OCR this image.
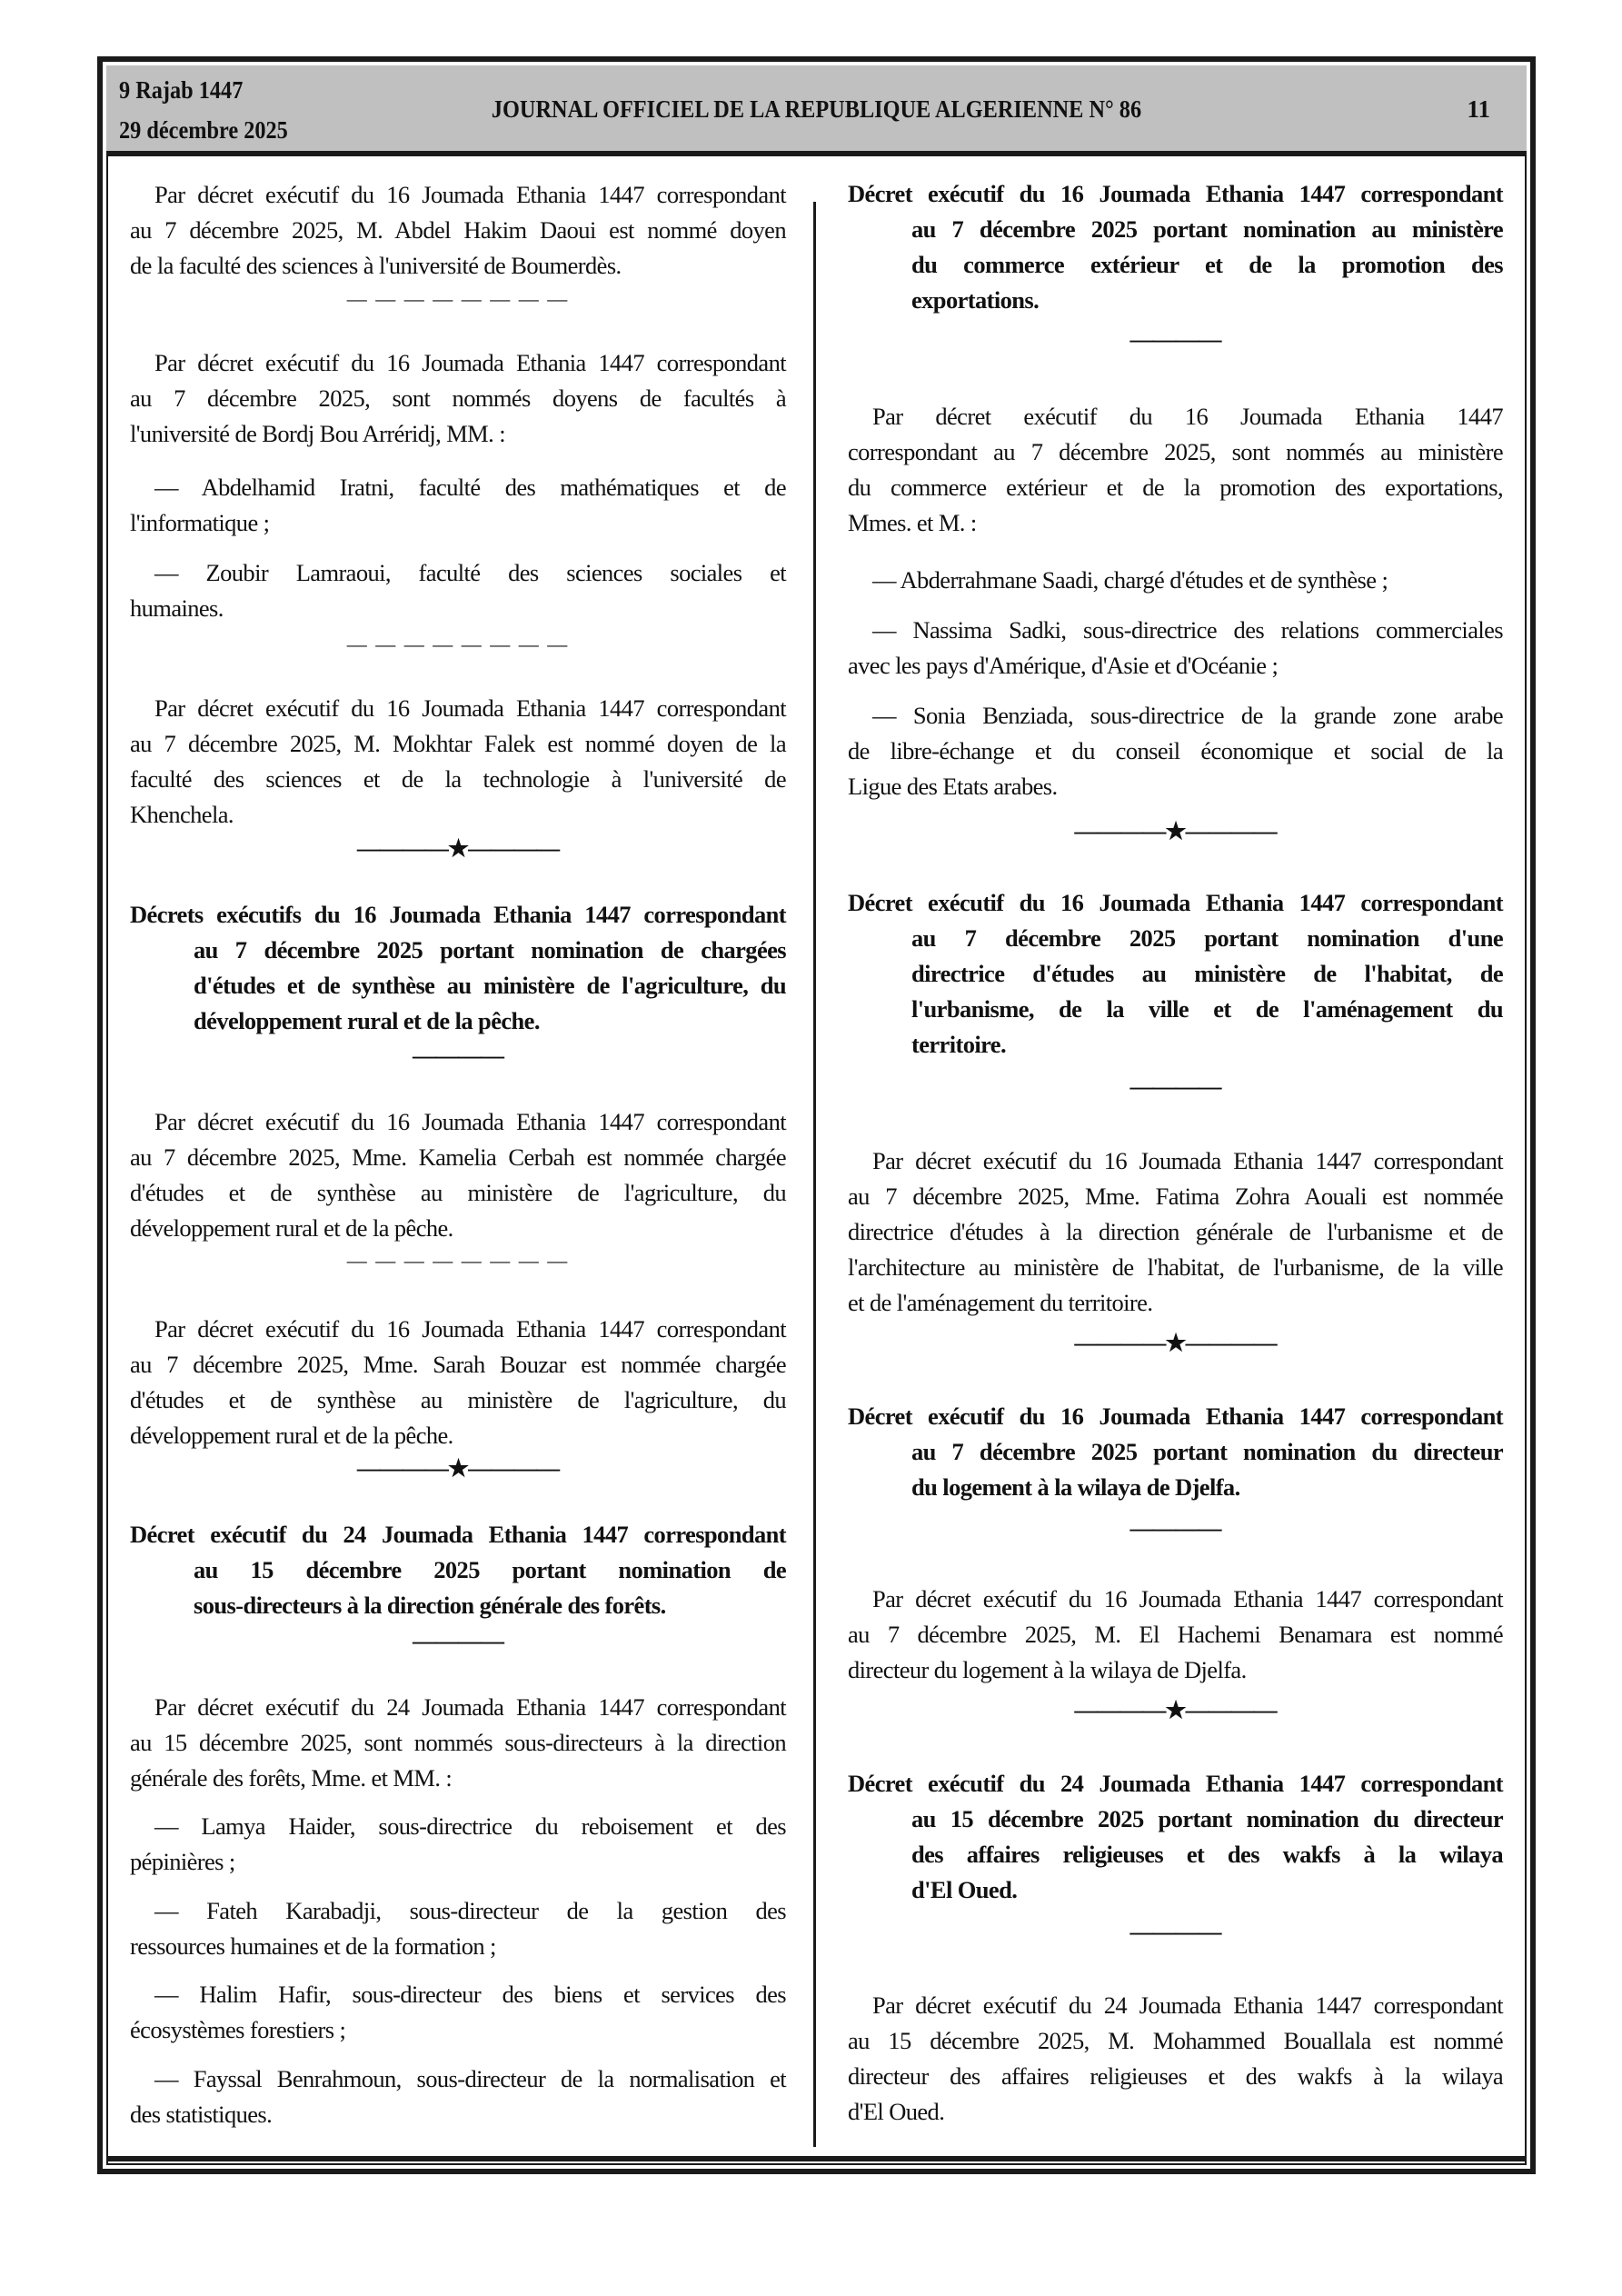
9 Rajab 1447
29 décembre 2025
JOURNAL OFFICIEL DE LA REPUBLIQUE ALGERIENNE N° 86	11
Par décret exécutif du 16 Joumada Ethania 1447 correspondant
au 7 décembre 2025, M. Abdel Hakim Daoui est nommé doyen
de la faculté des sciences à l'université de Boumerdès.
— — — — — — — —
Par décret exécutif du 16 Joumada Ethania 1447 correspondant
au 7 décembre 2025, sont nommés doyens de facultés à
l'université de Bordj Bou Arréridj, MM. :
— Abdelhamid Iratni, faculté des mathématiques et de
l'informatique ;
— Zoubir Lamraoui, faculté des sciences sociales et
humaines.
— — — — — — — —
Par décret exécutif du 16 Joumada Ethania 1447 correspondant
au 7 décembre 2025, M. Mokhtar Falek est nommé doyen de la
faculté des sciences et de la technologie à l'université de
Khenchela.
————★————
Décrets exécutifs du 16 Joumada Ethania 1447 correspondant
au 7 décembre 2025 portant nomination de chargées
d'études et de synthèse au ministère de l'agriculture, du
développement rural et de la pêche.
————
Par décret exécutif du 16 Joumada Ethania 1447 correspondant
au 7 décembre 2025, Mme. Kamelia Cerbah est nommée chargée
d'études et de synthèse au ministère de l'agriculture, du
développement rural et de la pêche.
— — — — — — — —
Par décret exécutif du 16 Joumada Ethania 1447 correspondant
au 7 décembre 2025, Mme. Sarah Bouzar est nommée chargée
d'études et de synthèse au ministère de l'agriculture, du
développement rural et de la pêche.
————★————
Décret exécutif du 24 Joumada Ethania 1447 correspondant
au 15 décembre 2025 portant nomination de
sous-directeurs à la direction générale des forêts.
————
Par décret exécutif du 24 Joumada Ethania 1447 correspondant
au 15 décembre 2025, sont nommés sous-directeurs à la direction
générale des forêts, Mme. et MM. :
— Lamya Haider, sous-directrice du reboisement et des
pépinières ;
— Fateh Karabadji, sous-directeur de la gestion des
ressources humaines et de la formation ;
— Halim Hafir, sous-directeur des biens et services des
écosystèmes forestiers ;
— Fayssal Benrahmoun, sous-directeur de la normalisation et
des statistiques.
Décret exécutif du 16 Joumada Ethania 1447 correspondant
au 7 décembre 2025 portant nomination au ministère
du commerce extérieur et de la promotion des
exportations.
————
Par décret exécutif du 16 Joumada Ethania 1447
correspondant au 7 décembre 2025, sont nommés au ministère
du commerce extérieur et de la promotion des exportations,
Mmes. et M. :
— Abderrahmane Saadi, chargé d'études et de synthèse ;
— Nassima Sadki, sous-directrice des relations commerciales
avec les pays d'Amérique, d'Asie et d'Océanie ;
— Sonia Benziada, sous-directrice de la grande zone arabe
de libre-échange et du conseil économique et social de la
Ligue des Etats arabes.
————★————
Décret exécutif du 16 Joumada Ethania 1447 correspondant
au 7 décembre 2025 portant nomination d'une
directrice d'études au ministère de l'habitat, de
l'urbanisme, de la ville et de l'aménagement du
territoire.
————
Par décret exécutif du 16 Joumada Ethania 1447 correspondant
au 7 décembre 2025, Mme. Fatima Zohra Aouali est nommée
directrice d'études à la direction générale de l'urbanisme et de
l'architecture au ministère de l'habitat, de l'urbanisme, de la ville
et de l'aménagement du territoire.
————★————
Décret exécutif du 16 Joumada Ethania 1447 correspondant
au 7 décembre 2025 portant nomination du directeur
du logement à la wilaya de Djelfa.
————
Par décret exécutif du 16 Joumada Ethania 1447 correspondant
au 7 décembre 2025, M. El Hachemi Benamara est nommé
directeur du logement à la wilaya de Djelfa.
————★————
Décret exécutif du 24 Joumada Ethania 1447 correspondant
au 15 décembre 2025 portant nomination du directeur
des affaires religieuses et des wakfs à la wilaya
d'El Oued.
————
Par décret exécutif du 24 Joumada Ethania 1447 correspondant
au 15 décembre 2025, M. Mohammed Bouallala est nommé
directeur des affaires religieuses et des wakfs à la wilaya
d'El Oued.
